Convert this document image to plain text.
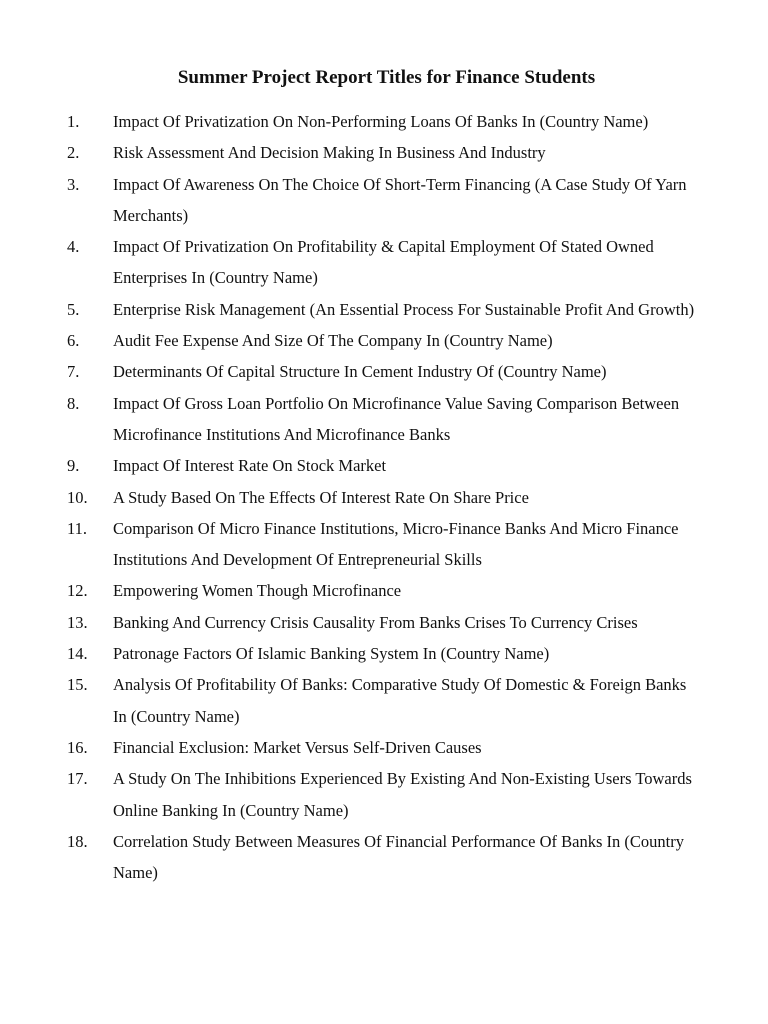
Summer Project Report Titles for Finance Students
1. Impact Of Privatization On Non-Performing Loans Of Banks In (Country Name)
2. Risk Assessment And Decision Making In Business And Industry
3. Impact Of Awareness On The Choice Of Short-Term Financing (A Case Study Of Yarn Merchants)
4. Impact Of Privatization On Profitability & Capital Employment Of Stated Owned Enterprises In (Country Name)
5. Enterprise Risk Management (An Essential Process For Sustainable Profit And Growth)
6. Audit Fee Expense And Size Of The Company In (Country Name)
7. Determinants Of Capital Structure In Cement Industry Of (Country Name)
8. Impact Of Gross Loan Portfolio On Microfinance Value Saving Comparison Between Microfinance Institutions And Microfinance Banks
9. Impact Of Interest Rate On Stock Market
10. A Study Based On The Effects Of Interest Rate On Share Price
11. Comparison Of Micro Finance Institutions, Micro-Finance Banks And Micro Finance Institutions And Development Of Entrepreneurial Skills
12. Empowering Women Though Microfinance
13. Banking And Currency Crisis Causality From Banks Crises To Currency Crises
14. Patronage Factors Of Islamic Banking System In (Country Name)
15. Analysis Of Profitability Of Banks: Comparative Study Of Domestic & Foreign Banks In (Country Name)
16. Financial Exclusion: Market Versus Self-Driven Causes
17. A Study On The Inhibitions Experienced By Existing And Non-Existing Users Towards Online Banking In (Country Name)
18. Correlation Study Between Measures Of Financial Performance Of Banks In (Country Name)
